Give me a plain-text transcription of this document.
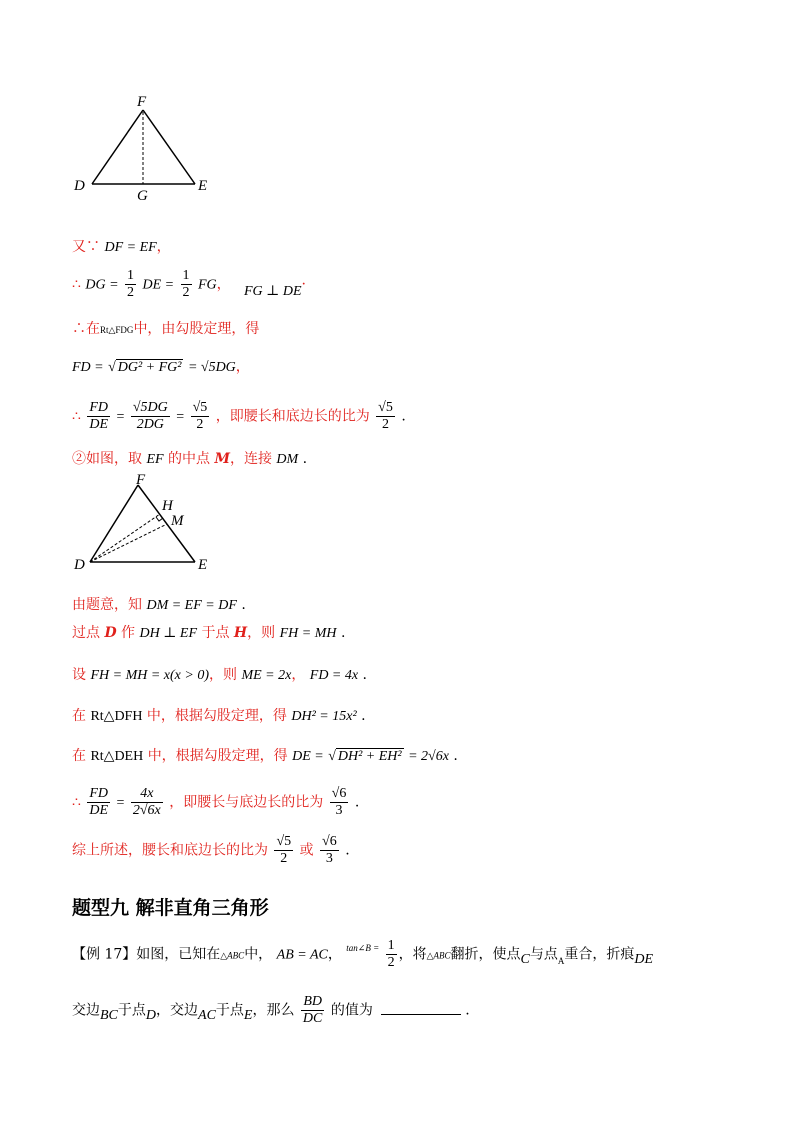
F
D
G
E
又∵ DF = EF，
∴ DG = $\frac{1}{2}$ DE = $\frac{1}{2}$ FG， FG ⊥ DE·
∴在Rt△FDG中，由勾股定理，得
FD = √ DG² + FG² = √5DG，
∴ $\frac{FD}{DE} = \frac{√5DG}{2DG} = \frac{√5}{2}$ ，即腰长和底边长的比为 $\frac{√5}{2}$ .
②如图，取 EF 的中点 M，连接 DM .
F
H
M
D	E
由题意，知 DM = EF = DF .
过点 D 作 DH ⊥ EF 于点 H，则 FH = MH .
设 FH = MH = x(x > 0)，则 ME = 2x， FD = 4x .
在 Rt△DFH 中，根据勾股定理，得 DH² = 15x² .
在 Rt△DEH 中，根据勾股定理，得 DE = √ DH² + EH² = 2√6x .
∴ $\frac{FD}{DE} = \frac{4x}{2√6x}$ ，即腰长与底边长的比为 $\frac{√6}{3}$ .
综上所述，腰长和底边长的比为 $\frac{√5}{2}$ 或 $\frac{√6}{3}$ .
题型九 解非直角三角形
【例 17】如图，已知在△ABC中， AB = AC， $^{tan\angle B =} \frac{1}{2}$ ，将△ABC翻折，使点C与点$_A$重合，折痕DE
交边BC于点D，交边AC于点E，那么 $\frac{BD}{DC}$ 的值为	.
